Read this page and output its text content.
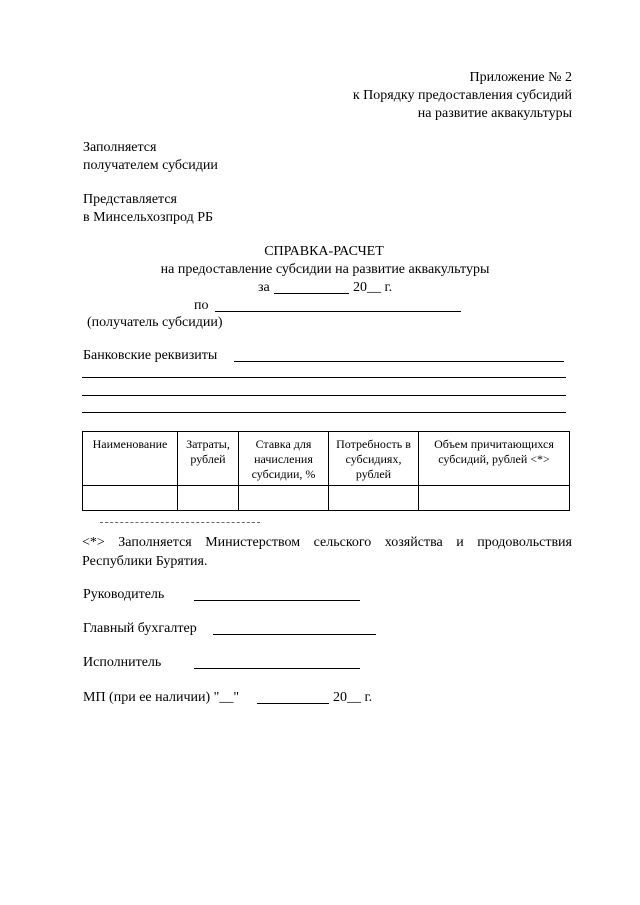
Приложение № 2
к Порядку предоставления субсидий
на развитие аквакультуры
Заполняется
получателем субсидии
Представляется
в Минсельхозпрод РБ
СПРАВКА-РАСЧЕТ
на предоставление субсидии на развитие аквакультуры
за	20__ г.
по
(получатель субсидии)
Банковские реквизиты
Наименование	Затраты, рублей	Ставка для начисления субсидии, %	Потребность в субсидиях, рублей	Объем причитающихся субсидий, рублей <*>

<*> Заполняется Министерством сельского хозяйства и продовольствия Республики Бурятия.
Руководитель
Главный бухгалтер
Исполнитель
МП (при ее наличии) "__"	20__ г.
